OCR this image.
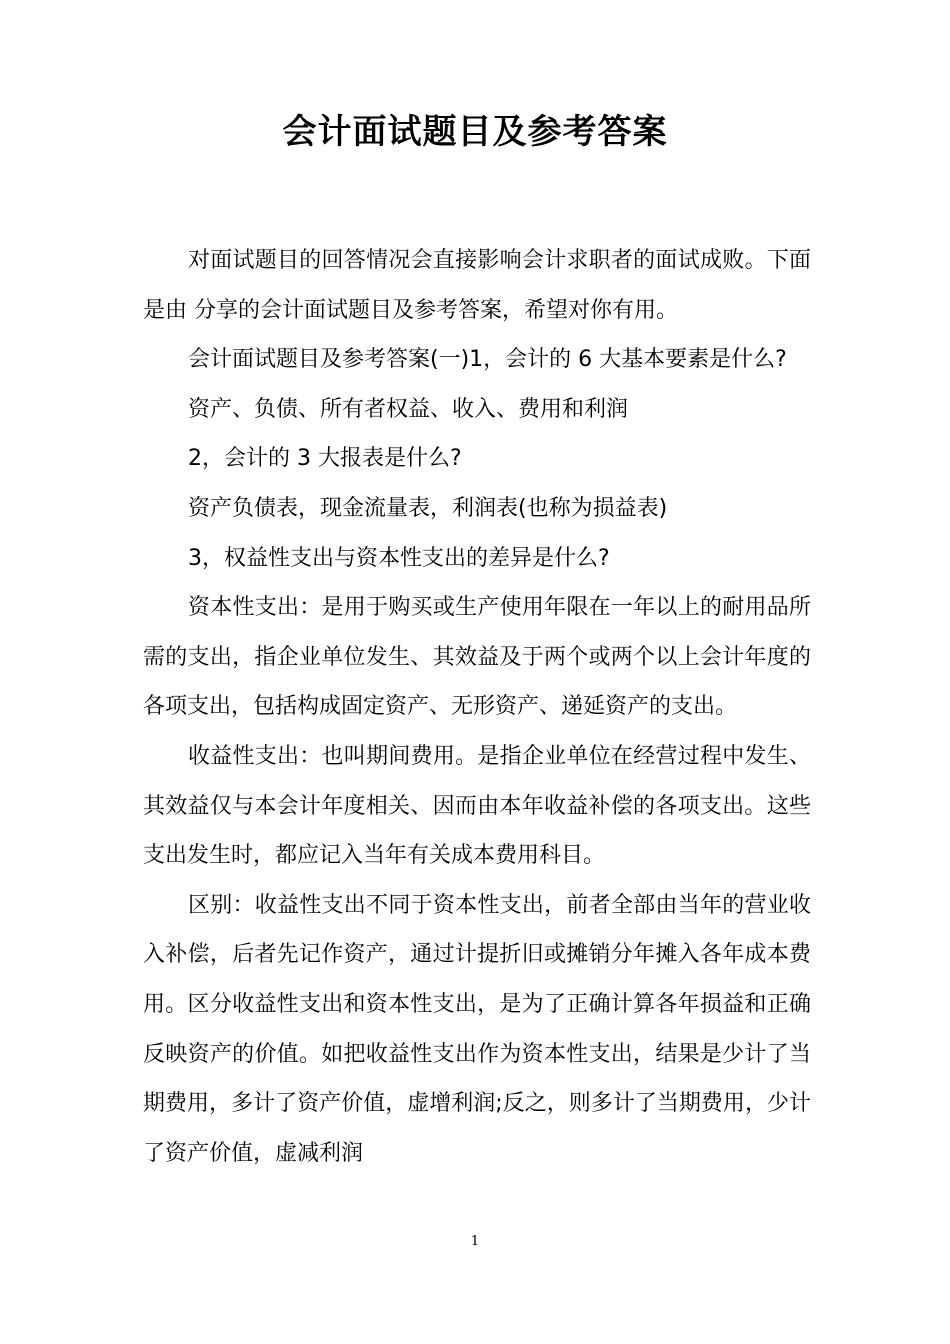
会计面试题目及参考答案

对面试题目的回答情况会直接影响会计求职者的面试成败。下面是由 分享的会计面试题目及参考答案，希望对你有用。

会计面试题目及参考答案(一)1，会计的 6 大基本要素是什么?

资产、负债、所有者权益、收入、费用和利润

2，会计的 3 大报表是什么?

资产负债表，现金流量表，利润表(也称为损益表)

3，权益性支出与资本性支出的差异是什么?

资本性支出：是用于购买或生产使用年限在一年以上的耐用品所需的支出，指企业单位发生、其效益及于两个或两个以上会计年度的各项支出，包括构成固定资产、无形资产、递延资产的支出。

收益性支出：也叫期间费用。是指企业单位在经营过程中发生、其效益仅与本会计年度相关、因而由本年收益补偿的各项支出。这些支出发生时，都应记入当年有关成本费用科目。

区别：收益性支出不同于资本性支出，前者全部由当年的营业收入补偿，后者先记作资产，通过计提折旧或摊销分年摊入各年成本费用。区分收益性支出和资本性支出，是为了正确计算各年损益和正确反映资产的价值。如把收益性支出作为资本性支出，结果是少计了当期费用，多计了资产价值，虚增利润;反之，则多计了当期费用，少计了资产价值，虚减利润

1
